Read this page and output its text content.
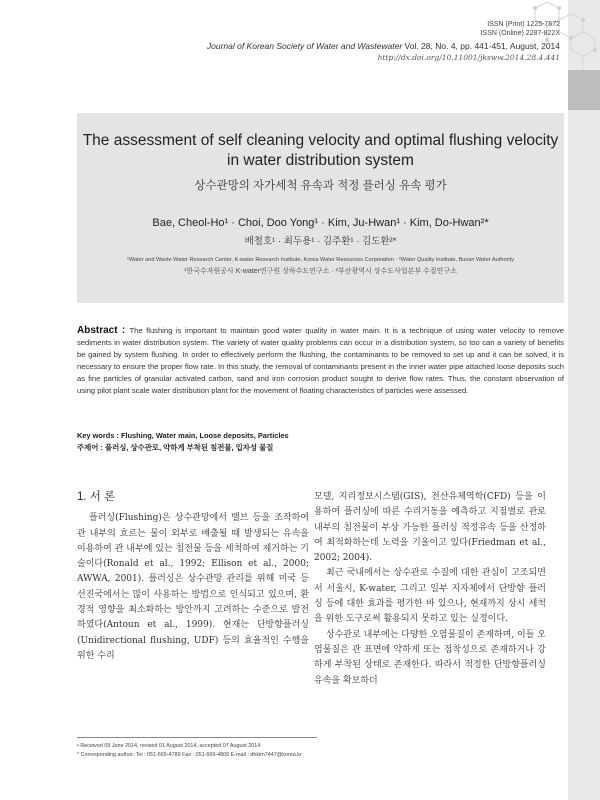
ISSN (Print) 1225-7672
ISSN (Online) 2287-822X
Journal of Korean Society of Water and Wastewater Vol. 28, No. 4, pp. 441-451, August, 2014
http://dx.doi.org/10.11001/jksww.2014.28.4.441
The assessment of self cleaning velocity and optimal flushing velocity in water distribution system
상수관망의 자가세척 유속과 적정 플러싱 유속 평가
Bae, Cheol-Ho¹ · Choi, Doo Yong¹ · Kim, Ju-Hwan¹ · Kim, Do-Hwan²*
배철호¹ · 최두용¹ · 김주환¹ · 김도환²*
¹Water and Waste Water Research Center, K-water Research Institute, Korea Water Resources Corporation · ²Water Quality Institute, Busan Water Authority
¹한국수자원공사 K-water연구원 상하수도연구소 · ²부산광역시 상수도사업본부 수질연구소
Abstract : The flushing is important to maintain good water quality in water main. It is a technique of using water velocity to remove sediments in water distribution system. The variety of water quality problems can occur in a distribution system, so too can a variety of benefits be gained by system flushing. In order to effectively perform the flushing, the contaminants to be removed to set up and it can be solved, it is necessary to ensure the proper flow rate. In this study, the removal of contaminants present in the inner water pipe attached loose deposits such as fine particles of granular activated carbon, sand and iron corrosion product sought to derive flow rates. Thus, the constant observation of using pilot plant scale water distribution plant for the movement of floating characteristics of particles were assessed.
Key words : Flushing, Water main, Loose deposits, Particles
주제어 : 플러싱, 상수관로, 약하게 부착된 침전물, 입자성 물질
1. 서 론

플러싱(Flushing)은 상수관망에서 밸브 등을 조작하여 관 내부의 흐르는 물이 외부로 배출될 때 발생되는 유속을 이용하여 관 내부에 있는 침전물 등을 세척하여 제거하는 기술이다(Ronald et al., 1992; Ellison et al., 2000; AWWA, 2001). 플러싱은 상수관망 관리를 위해 미국 등 선진국에서는 많이 사용하는 방법으로 인식되고 있으며, 환경적 영향을 최소화하는 방안까지 고려하는 수준으로 발전하였다(Antoun et al., 1999). 현재는 단방향플러싱(Unidirectional flushing, UDF) 등의 효율적인 수행을 위한 수리

모델, 지리정보시스템(GIS), 전산유체역학(CFD) 등을 이용하여 플러싱에 따른 수리거동을 예측하고 지점별로 관로 내부의 침전물이 부상 가능한 플러싱 적정유속 등을 산정하여 최적화하는데 노력을 기울이고 있다(Friedman et al., 2002; 2004).

최근 국내에서는 상수관로 수질에 대한 관심이 고조되면서 서울시, K-water, 그리고 일부 지자체에서 단방향 플러싱 등에 대한 효과를 평가한 바 있으나, 현재까지 상시 세척을 위한 도구로써 활용되지 못하고 있는 실정이다.

상수관로 내부에는 다양한 오염물질이 존재하며, 이들 오염물질은 관 표면에 약하게 또는 점착성으로 존재하거나 강하게 부착된 상태로 존재한다. 따라서 적정한 단방향플러싱 유속을 확보하더

• Received 09 June 2014, revised 01 August 2014, accepted 07 August 2014
* Corresponding author: Tel : 051-669-4789 Fax : 051-669-4809 E-mail : dhkim7447@korea.kr
